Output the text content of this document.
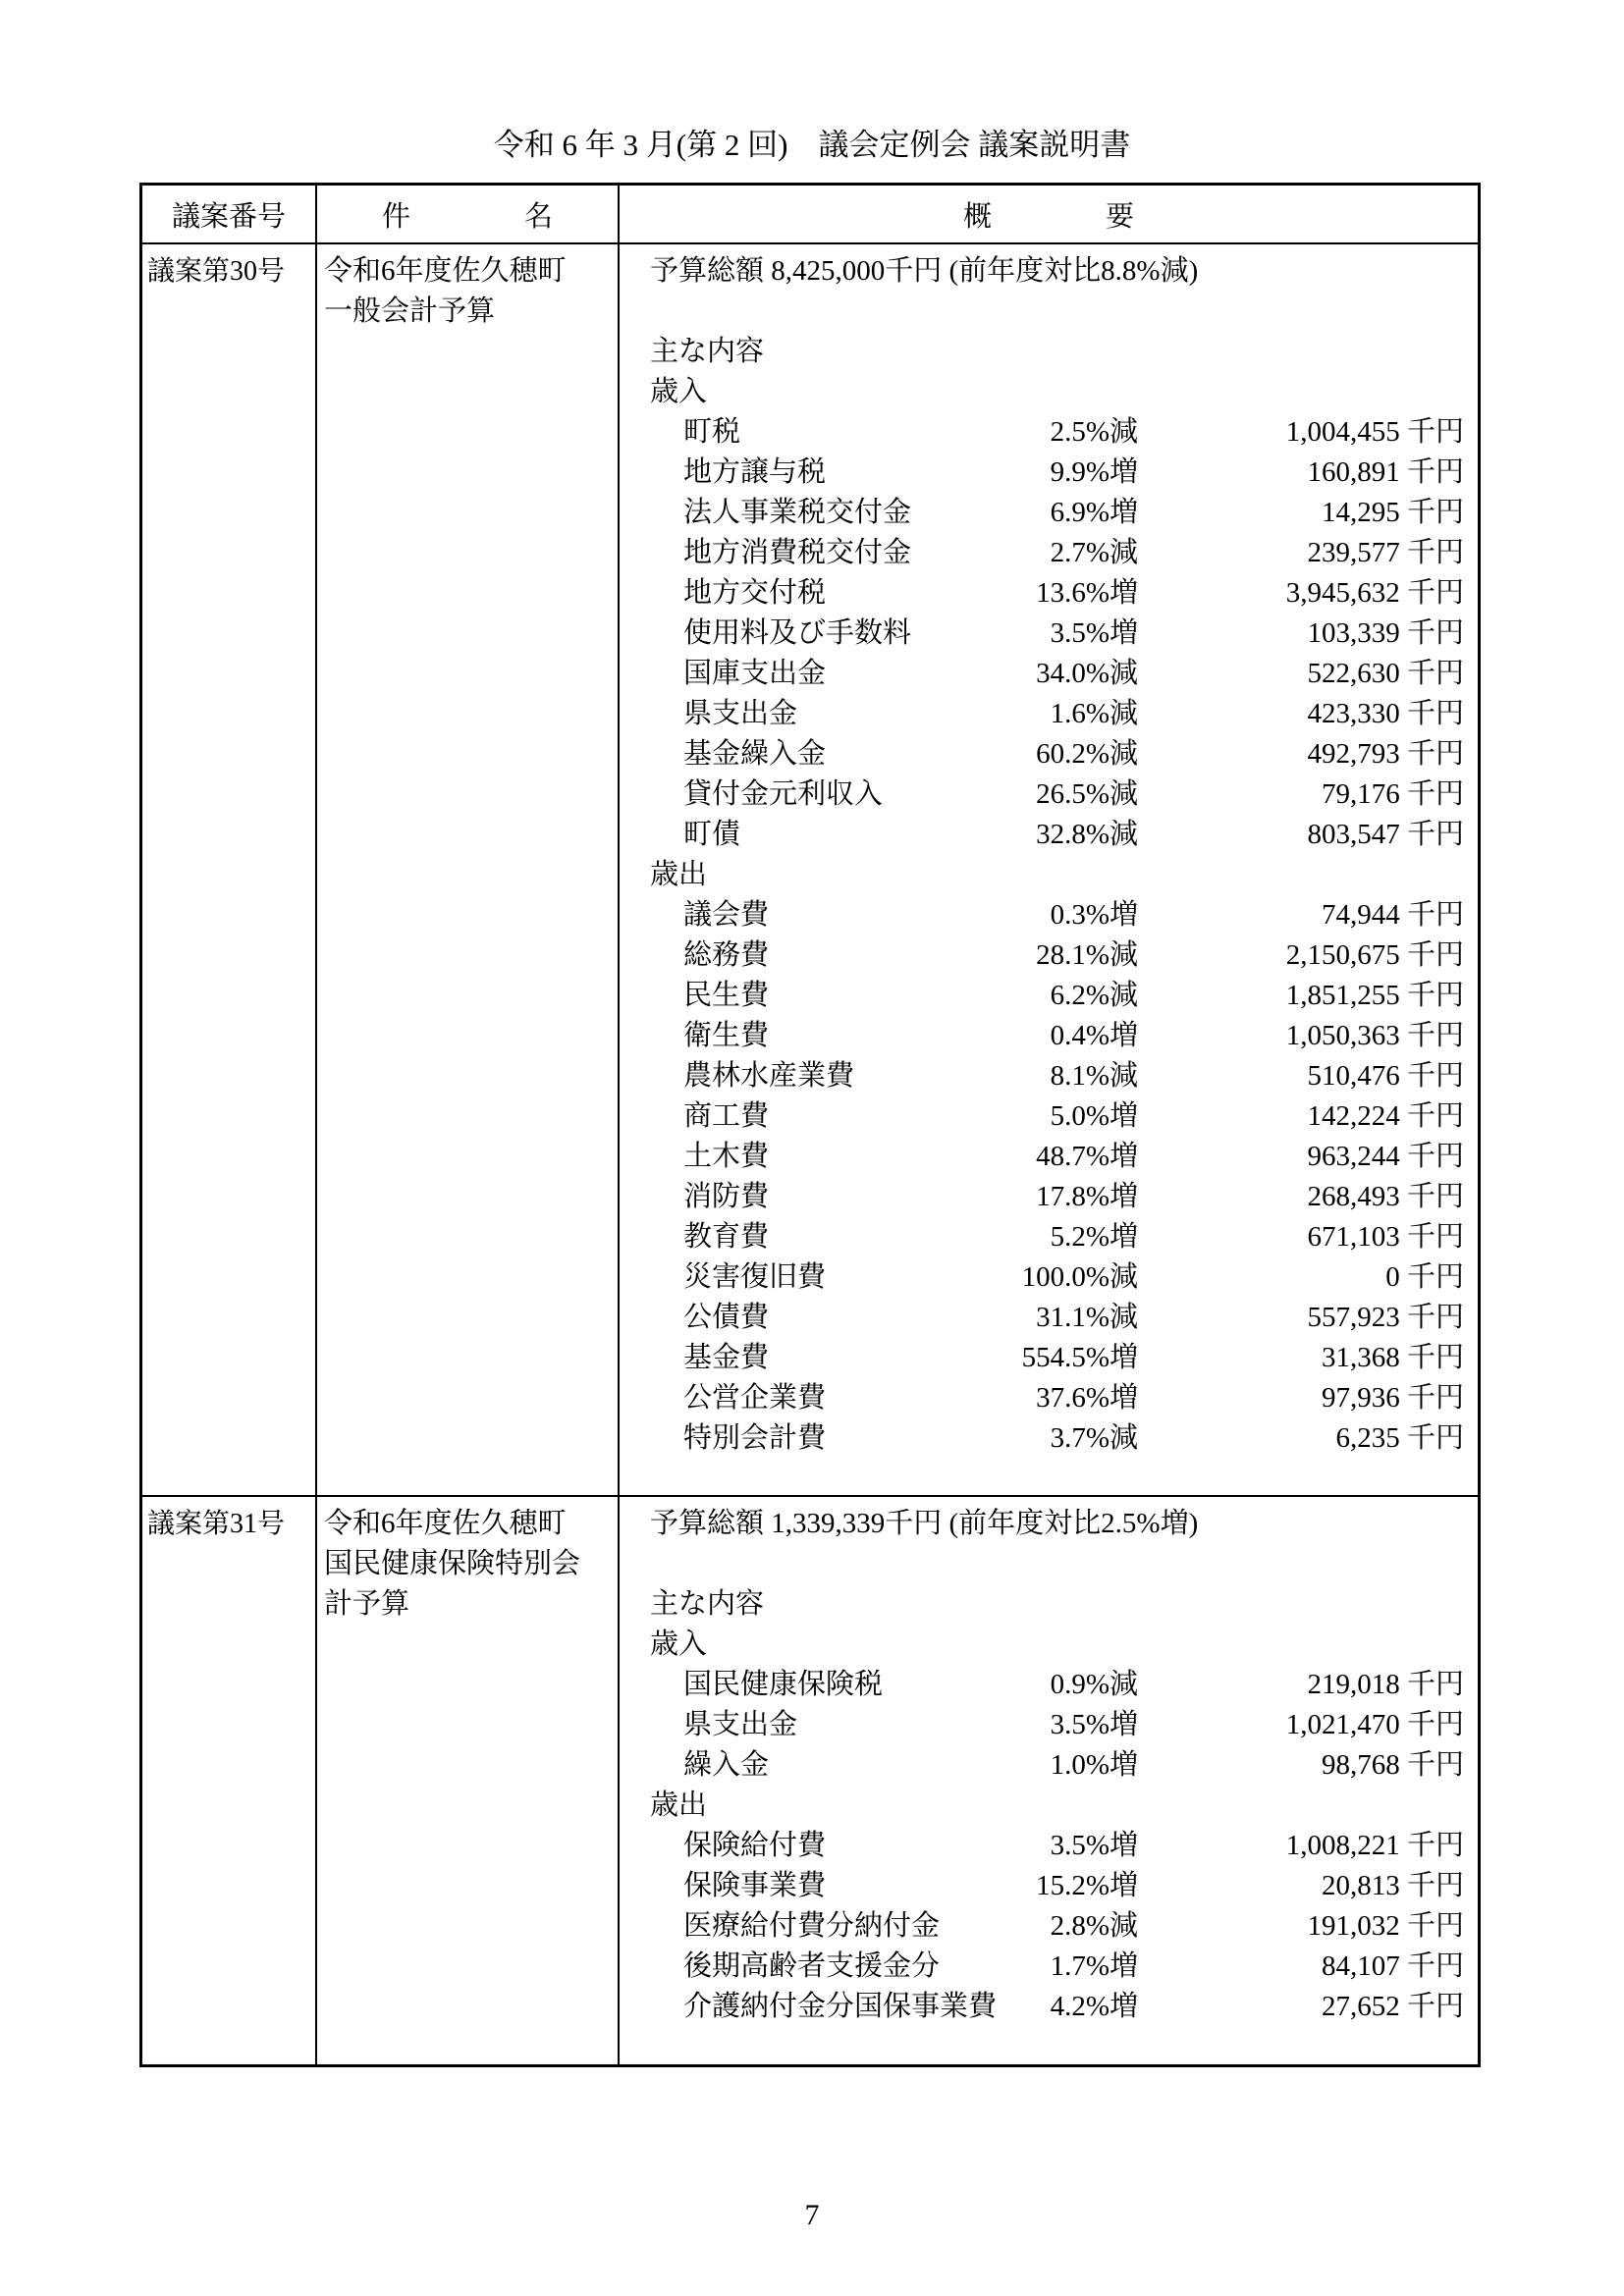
令和 6 年 3 月(第 2 回)　議会定例会 議案説明書
議案番号	件　　　　名	概　　　　要
議案第30号	令和6年度佐久穂町一般会計予算
予算総額 8,425,000千円 (前年度対比8.8%減)

主な内容
歳入
町税	2.5%減	1,004,455 千円
地方譲与税	9.9%増	160,891 千円
法人事業税交付金	6.9%増	14,295 千円
地方消費税交付金	2.7%減	239,577 千円
地方交付税	13.6%増	3,945,632 千円
使用料及び手数料	3.5%増	103,339 千円
国庫支出金	34.0%減	522,630 千円
県支出金	1.6%減	423,330 千円
基金繰入金	60.2%減	492,793 千円
貸付金元利収入	26.5%減	79,176 千円
町債	32.8%減	803,547 千円
歳出
議会費	0.3%増	74,944 千円
総務費	28.1%減	2,150,675 千円
民生費	6.2%減	1,851,255 千円
衛生費	0.4%増	1,050,363 千円
農林水産業費	8.1%減	510,476 千円
商工費	5.0%増	142,224 千円
土木費	48.7%増	963,244 千円
消防費	17.8%増	268,493 千円
教育費	5.2%増	671,103 千円
災害復旧費	100.0%減	0 千円
公債費	31.1%減	557,923 千円
基金費	554.5%増	31,368 千円
公営企業費	37.6%増	97,936 千円
特別会計費	3.7%減	6,235 千円
議案第31号	令和6年度佐久穂町国民健康保険特別会計予算
予算総額 1,339,339千円 (前年度対比2.5%増)

主な内容
歳入
国民健康保険税	0.9%減	219,018 千円
県支出金	3.5%増	1,021,470 千円
繰入金	1.0%増	98,768 千円
歳出
保険給付費	3.5%増	1,008,221 千円
保険事業費	15.2%増	20,813 千円
医療給付費分納付金	2.8%減	191,032 千円
後期高齢者支援金分	1.7%増	84,107 千円
介護納付金分国保事業費	4.2%増	27,652 千円
7
